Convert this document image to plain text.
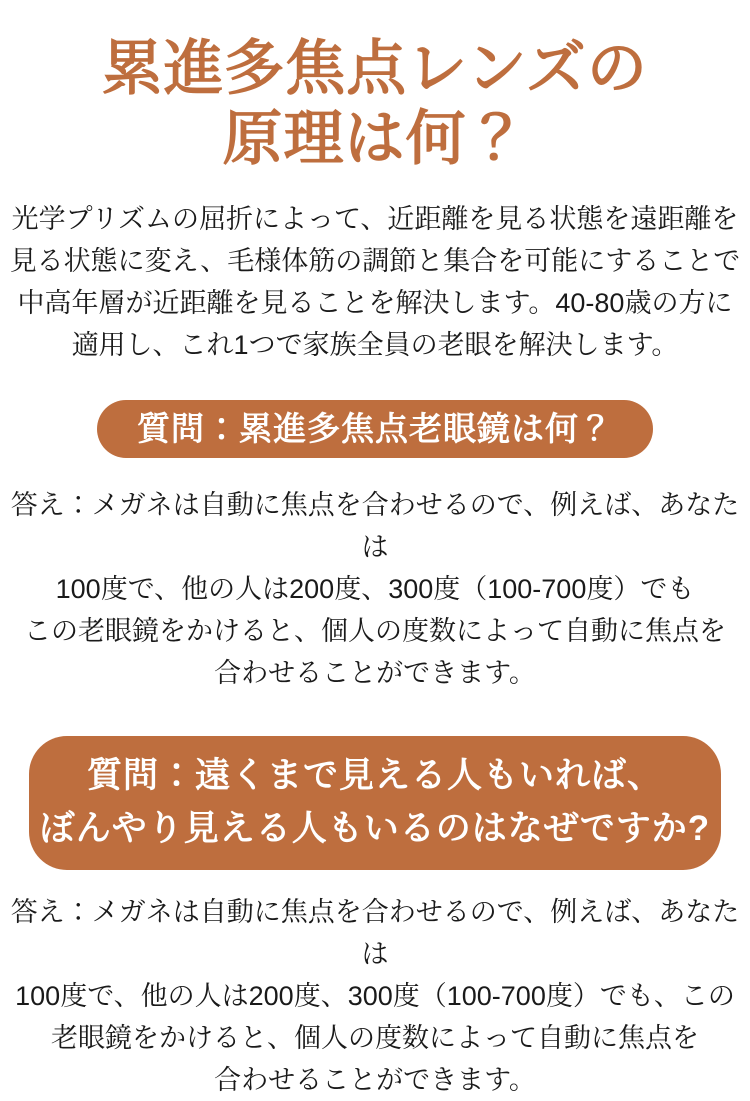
累進多焦点レンズの
原理は何？
光学プリズムの屈折によって、近距離を見る状態を遠距離を
見る状態に変え、毛様体筋の調節と集合を可能にすることで
中高年層が近距離を見ることを解決します。40-80歳の方に
適用し、これ1つで家族全員の老眼を解決します。
質問：累進多焦点老眼鏡は何？
答え：メガネは自動に焦点を合わせるので、例えば、あなたは
100度で、他の人は200度、300度（100-700度）でも
この老眼鏡をかけると、個人の度数によって自動に焦点を
合わせることができます。
質問：遠くまで見える人もいれば、
ぼんやり見える人もいるのはなぜですか?
答え：メガネは自動に焦点を合わせるので、例えば、あなたは
100度で、他の人は200度、300度（100-700度）でも、この
老眼鏡をかけると、個人の度数によって自動に焦点を
合わせることができます。
